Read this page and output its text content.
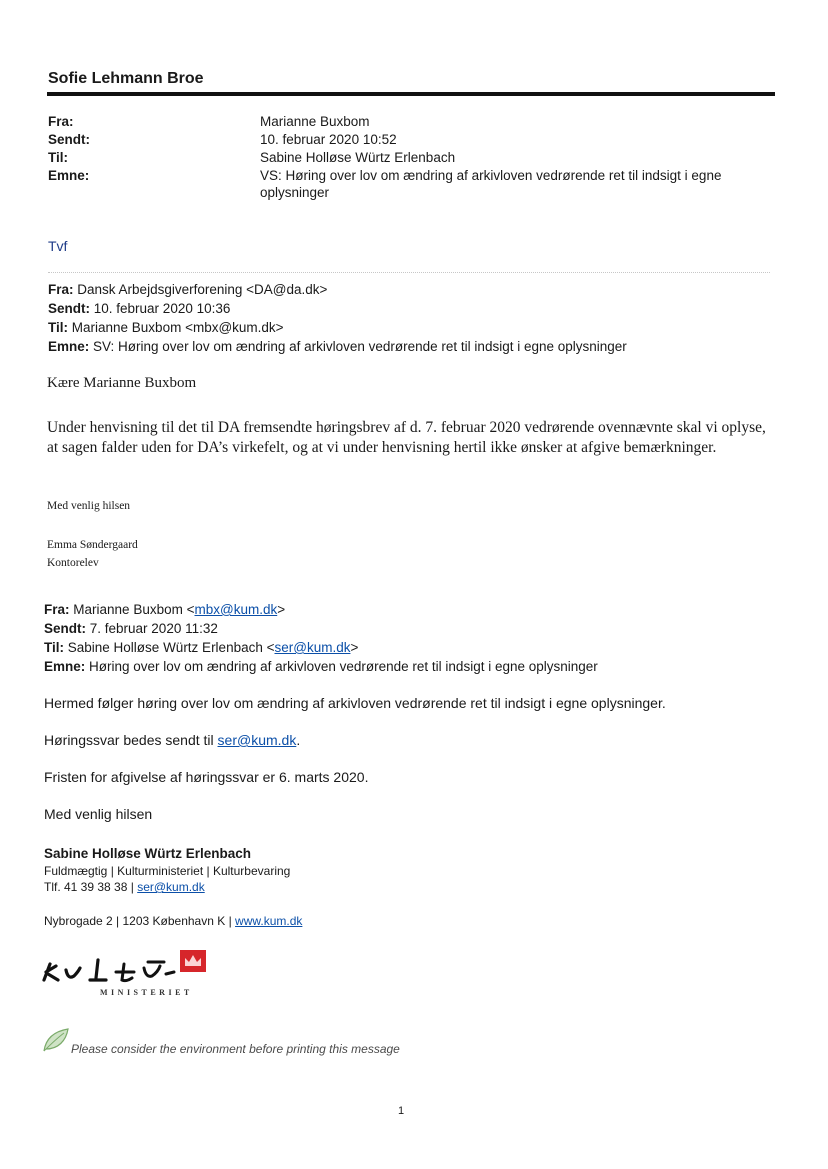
Sofie Lehmann Broe
Fra:	Marianne Buxbom
Sendt:	10. februar 2020 10:52
Til:	Sabine Holløse Würtz Erlenbach
Emne:	VS: Høring over lov om ændring af arkivloven vedrørende ret til indsigt i egne oplysninger
Tvf
Fra: Dansk Arbejdsgiverforening <DA@da.dk>
Sendt: 10. februar 2020 10:36
Til: Marianne Buxbom <mbx@kum.dk>
Emne: SV: Høring over lov om ændring af arkivloven vedrørende ret til indsigt i egne oplysninger
Kære Marianne Buxbom
Under henvisning til det til DA fremsendte høringsbrev af d. 7. februar 2020 vedrørende ovennævnte skal vi oplyse, at sagen falder uden for DA’s virkefelt, og at vi under henvisning hertil ikke ønsker at afgive bemærkninger.
Med venlig hilsen
Emma Søndergaard
Kontorelev
Fra: Marianne Buxbom <mbx@kum.dk>
Sendt: 7. februar 2020 11:32
Til: Sabine Holløse Würtz Erlenbach <ser@kum.dk>
Emne: Høring over lov om ændring af arkivloven vedrørende ret til indsigt i egne oplysninger
Hermed følger høring over lov om ændring af arkivloven vedrørende ret til indsigt i egne oplysninger.
Høringssvar bedes sendt til ser@kum.dk.
Fristen for afgivelse af høringssvar er 6. marts 2020.
Med venlig hilsen
Sabine Holløse Würtz Erlenbach
Fuldmægtig | Kulturministeriet | Kulturbevaring
Tlf. 41 39 38 38 | ser@kum.dk
Nybrogade 2 | 1203 København K | www.kum.dk
MINISTERIET
Please consider the environment before printing this message
1
